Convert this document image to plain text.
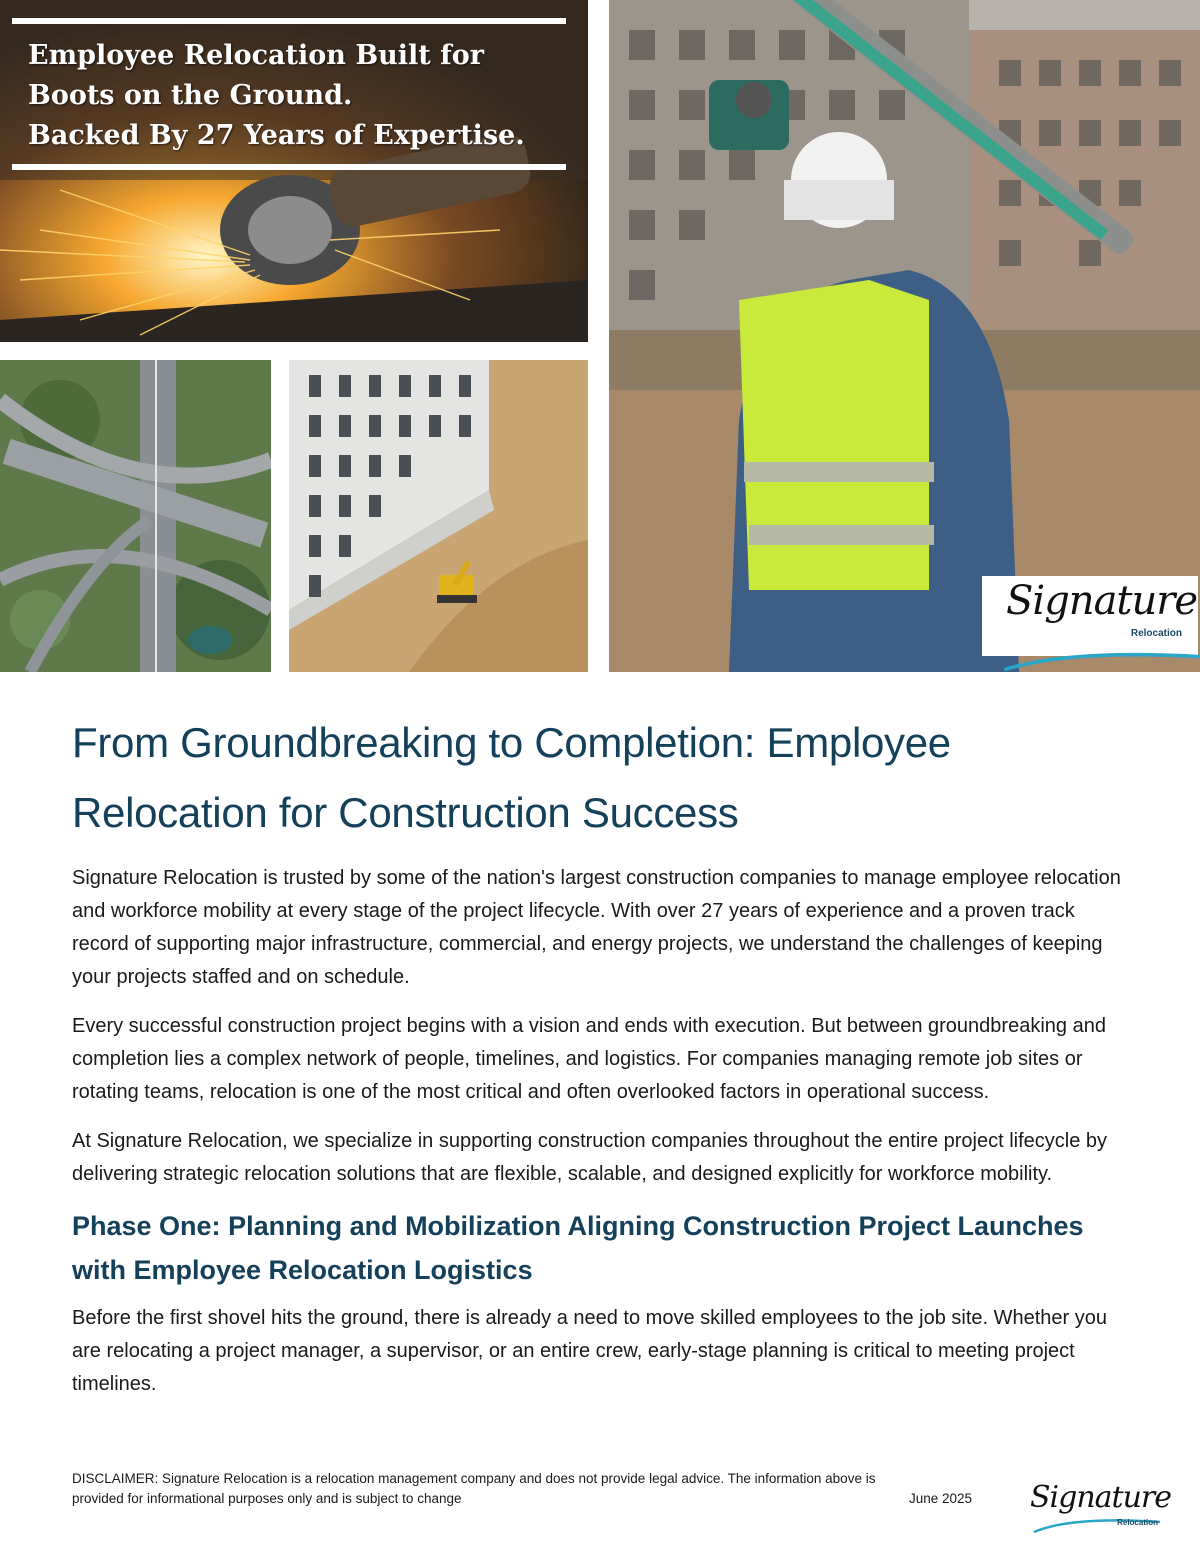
Employee Relocation Built for
Boots on the Ground.
Backed By 27 Years of Expertise.
Signature
Relocation
From Groundbreaking to Completion: Employee Relocation for Construction Success

Signature Relocation is trusted by some of the nation's largest construction companies to manage employee relocation and workforce mobility at every stage of the project lifecycle. With over 27 years of experience and a proven track record of supporting major infrastructure, commercial, and energy projects, we understand the challenges of keeping your projects staffed and on schedule.

Every successful construction project begins with a vision and ends with execution. But between groundbreaking and completion lies a complex network of people, timelines, and logistics. For companies managing remote job sites or rotating teams, relocation is one of the most critical and often overlooked factors in operational success.

At Signature Relocation, we specialize in supporting construction companies throughout the entire project lifecycle by delivering strategic relocation solutions that are flexible, scalable, and designed explicitly for workforce mobility.

Phase One: Planning and Mobilization Aligning Construction Project Launches with Employee Relocation Logistics

Before the first shovel hits the ground, there is already a need to move skilled employees to the job site. Whether you are relocating a project manager, a supervisor, or an entire crew, early-stage planning is critical to meeting project timelines.

DISCLAIMER: Signature Relocation is a relocation management company and does not provide legal advice. The information above is
provided for informational purposes only and is subject to change	June 2025 Signature
Relocation
